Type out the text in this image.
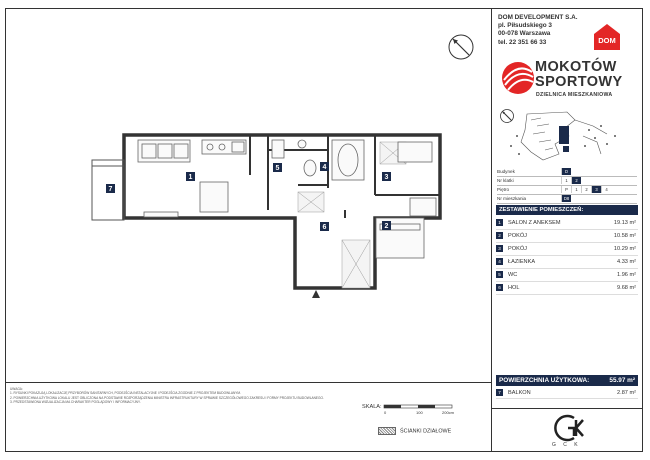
DOM DEVELOPMENT S.A.
pl. Piłsudskiego 3
00-078 Warszawa
tel. 22 351 66 33	DOM
MOKOTÓW
SPORTOWY
DZIELNICA MIESZKANIOWA
Budynek	D
Nr klatki	1	2
Piętro	P	1	2	3	4
Nr mieszkania	D8
ZESTAWIENIE POMIESZCZEŃ:
1	SALON Z ANEKSEM	19.13 m²
2	POKÓJ	10.58 m²
3	POKÓJ	10.29 m²
4	ŁAZIENKA	4.33 m²
5	WC	1.96 m²
6	HOL	9.68 m²
POWIERZCHNIA UŻYTKOWA:	55.97 m²
7	BALKON	2.87 m²
G C K
1
2
3
4
5
6
7
UWAGA:
1. RYSUNKI POKAZUJĄ LOKALIZACJĘ PRZYBORÓW SANITARNYCH, PODEJŚCIA INSTALACYJNE I PODEJŚCIA ZGODNIE Z PROJEKTEM BUDOWLANYM.
2. POWIERZCHNIA UŻYTKOWA LOKALU JEST OBLICZONA NA PODSTAWIE ROZPORZĄDZENIA MINISTRA INFRASTRUKTURY W SPRAWIE SZCZEGÓŁOWEGO ZAKRESU I FORMY PROJEKTU BUDOWLANEGO.
3. PRZEDSTAWIONA WIZUALIZACJA MA CHARAKTER POGLĄDOWY I INFORMACYJNY.
SKALA:
0	100	200cm
ŚCIANKI DZIAŁOWE
